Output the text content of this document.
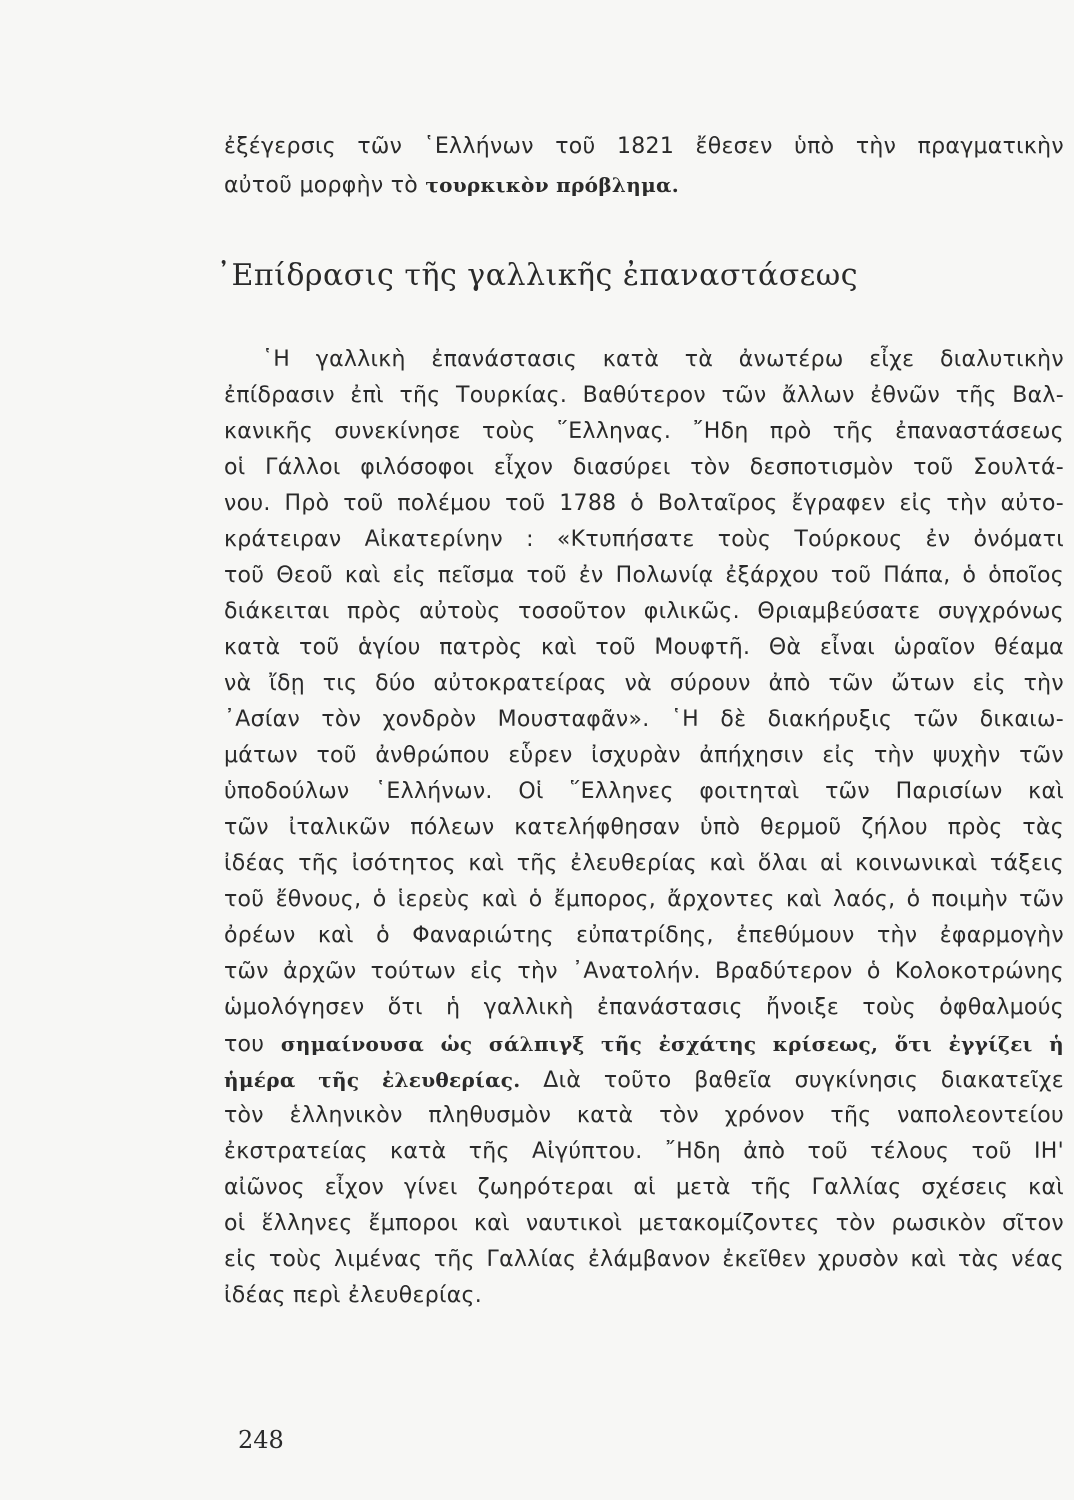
ἐξέγερσις τῶν ῾Ελλήνων τοῦ 1821 ἔθεσεν ὑπὸ τὴν πραγματικὴν
αὐτοῦ μορφὴν τὸ τουρκικὸν πρόβλημα.
᾿Επίδρασις τῆς γαλλικῆς ἐπαναστάσεως
῾Η γαλλικὴ ἐπανάστασις κατὰ τὰ ἀνωτέρω εἶχε διαλυτικὴν
ἐπίδρασιν ἐπὶ τῆς Τουρκίας. Βαθύτερον τῶν ἄλλων ἐθνῶν τῆς Βαλ-
κανικῆς συνεκίνησε τοὺς ῞Ελληνας. ῎Ηδη πρὸ τῆς ἐπαναστάσεως
οἱ Γάλλοι φιλόσοφοι εἶχον διασύρει τὸν δεσποτισμὸν τοῦ Σουλτά-
νου. Πρὸ τοῦ πολέμου τοῦ 1788 ὁ Βολταῖρος ἔγραφεν εἰς τὴν αὐτο-
κράτειραν Αἰκατερίνην : «Κτυπήσατε τοὺς Τούρκους ἐν ὀνόματι
τοῦ Θεοῦ καὶ εἰς πεῖσμα τοῦ ἐν Πολωνίᾳ ἐξάρχου τοῦ Πάπα, ὁ ὁποῖος
διάκειται πρὸς αὐτοὺς τοσοῦτον φιλικῶς. Θριαμβεύσατε συγχρόνως
κατὰ τοῦ ἁγίου πατρὸς καὶ τοῦ Μουφτῆ. Θὰ εἶναι ὡραῖον θέαμα
νὰ ἴδῃ τις δύο αὐτοκρατείρας νὰ σύρουν ἀπὸ τῶν ὤτων εἰς τὴν
᾿Ασίαν τὸν χονδρὸν Μουσταφᾶν». ῾Η δὲ διακήρυξις τῶν δικαιω-
μάτων τοῦ ἀνθρώπου εὗρεν ἰσχυρὰν ἀπήχησιν εἰς τὴν ψυχὴν τῶν
ὑποδούλων ῾Ελλήνων. Οἱ ῞Ελληνες φοιτηταὶ τῶν Παρισίων καὶ
τῶν ἰταλικῶν πόλεων κατελήφθησαν ὑπὸ θερμοῦ ζήλου πρὸς τὰς
ἰδέας τῆς ἰσότητος καὶ τῆς ἐλευθερίας καὶ ὅλαι αἱ κοινωνικαὶ τάξεις
τοῦ ἔθνους, ὁ ἱερεὺς καὶ ὁ ἔμπορος, ἄρχοντες καὶ λαός, ὁ ποιμὴν τῶν
ὀρέων καὶ ὁ Φαναριώτης εὐπατρίδης, ἐπεθύμουν τὴν ἐφαρμογὴν
τῶν ἀρχῶν τούτων εἰς τὴν ᾿Ανατολήν. Βραδύτερον ὁ Κολοκοτρώνης
ὡμολόγησεν ὅτι ἡ γαλλικὴ ἐπανάστασις ἤνοιξε τοὺς ὀφθαλμούς
του σημαίνουσα ὡς σάλπιγξ τῆς ἐσχάτης κρίσεως, ὅτι ἐγγίζει ἡ
ἡμέρα τῆς ἐλευθερίας. Διὰ τοῦτο βαθεῖα συγκίνησις διακατεῖχε
τὸν ἑλληνικὸν πληθυσμὸν κατὰ τὸν χρόνον τῆς ναπολεοντείου
ἐκστρατείας κατὰ τῆς Αἰγύπτου. ῎Ηδη ἀπὸ τοῦ τέλους τοῦ ΙΗ'
αἰῶνος εἶχον γίνει ζωηρότεραι αἱ μετὰ τῆς Γαλλίας σχέσεις καὶ
οἱ ἕλληνες ἔμποροι καὶ ναυτικοὶ μετακομίζοντες τὸν ρωσικὸν σῖτον
εἰς τοὺς λιμένας τῆς Γαλλίας ἐλάμβανον ἐκεῖθεν χρυσὸν καὶ τὰς νέας
ἰδέας περὶ ἐλευθερίας.
248
